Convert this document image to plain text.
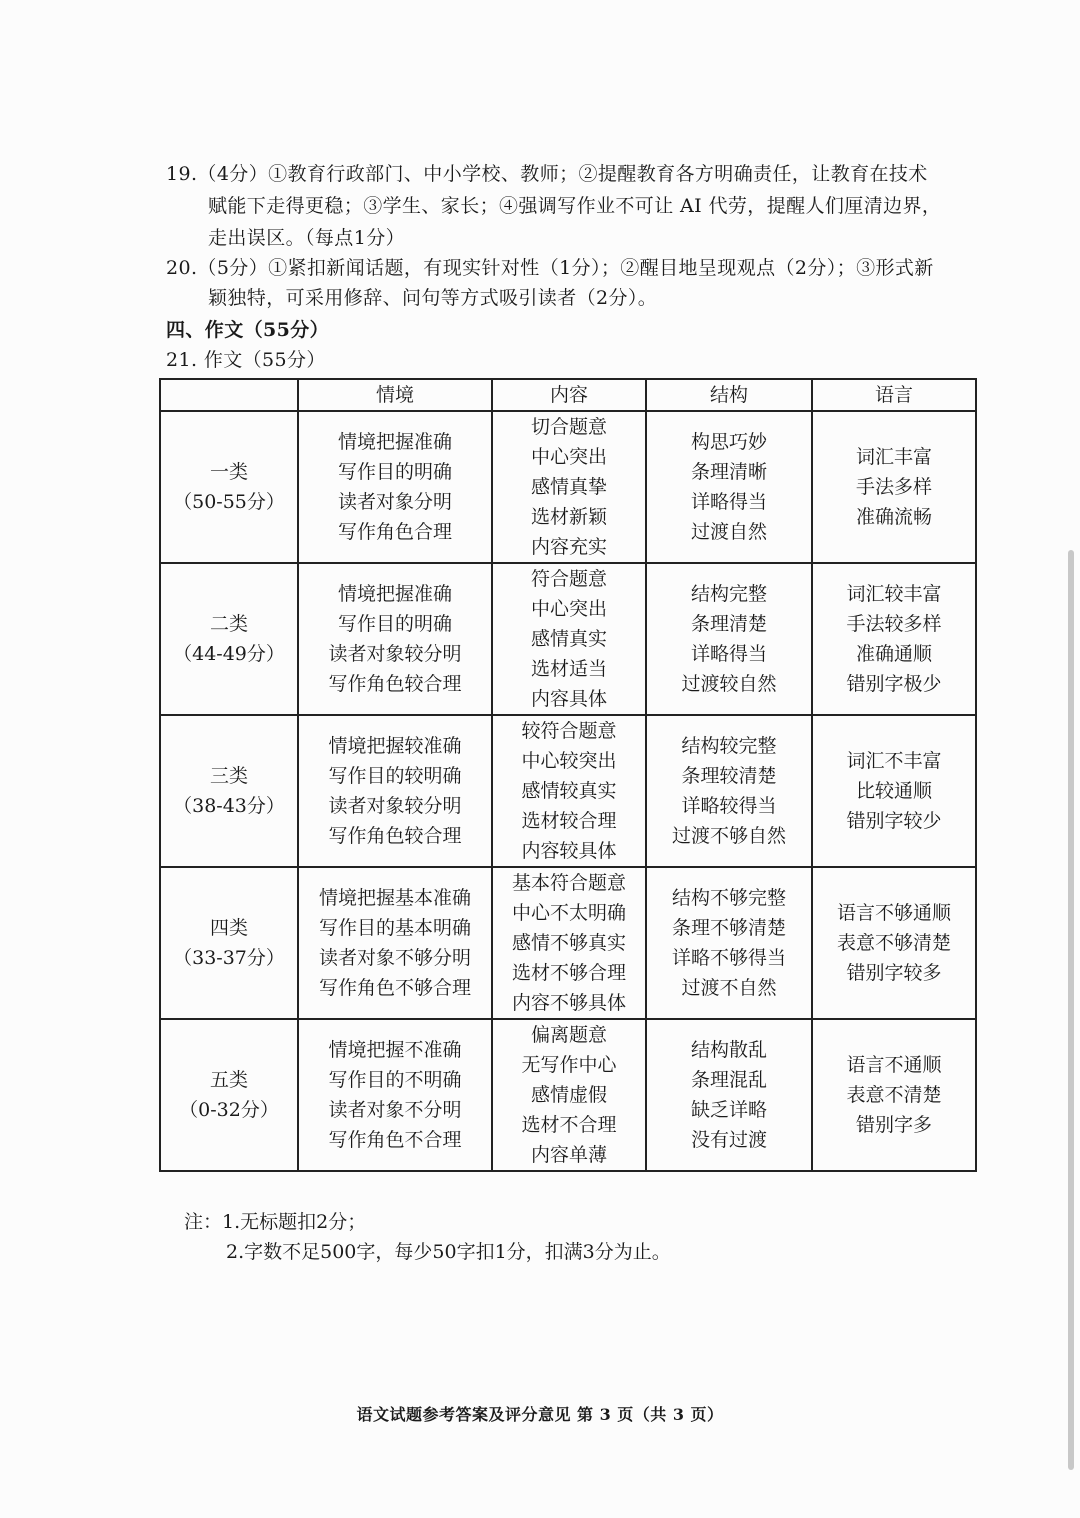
19.（4分）①教育行政部门、中小学校、教师；②提醒教育各方明确责任，让教育在技术
赋能下走得更稳；③学生、家长；④强调写作业不可让 AI 代劳，提醒人们厘清边界，
走出误区。（每点1分）
20.（5分）①紧扣新闻话题，有现实针对性（1分）；②醒目地呈现观点（2分）；③形式新
颖独特，可采用修辞、问句等方式吸引读者（2分）。
四、作文（55分）
21. 作文（55分）
	情境	内容	结构	语言

一类
（50-55分）	情境把握准确
写作目的明确
读者对象分明
写作角色合理	切合题意
中心突出
感情真挚
选材新颖
内容充实	构思巧妙
条理清晰
详略得当
过渡自然	词汇丰富
手法多样
准确流畅

二类
（44-49分）	情境把握准确
写作目的明确
读者对象较分明
写作角色较合理	符合题意
中心突出
感情真实
选材适当
内容具体	结构完整
条理清楚
详略得当
过渡较自然	词汇较丰富
手法较多样
准确通顺
错别字极少

三类
（38-43分）	情境把握较准确
写作目的较明确
读者对象较分明
写作角色较合理	较符合题意
中心较突出
感情较真实
选材较合理
内容较具体	结构较完整
条理较清楚
详略较得当
过渡不够自然	词汇不丰富
比较通顺
错别字较少

四类
（33-37分）	情境把握基本准确
写作目的基本明确
读者对象不够分明
写作角色不够合理	基本符合题意
中心不太明确
感情不够真实
选材不够合理
内容不够具体	结构不够完整
条理不够清楚
详略不够得当
过渡不自然	语言不够通顺
表意不够清楚
错别字较多

五类
（0-32分）	情境把握不准确
写作目的不明确
读者对象不分明
写作角色不合理	偏离题意
无写作中心
感情虚假
选材不合理
内容单薄	结构散乱
条理混乱
缺乏详略
没有过渡	语言不通顺
表意不清楚
错别字多
注：1.无标题扣2分；
2.字数不足500字，每少50字扣1分，扣满3分为止。
语文试题参考答案及评分意见 第 3 页（共 3 页）
